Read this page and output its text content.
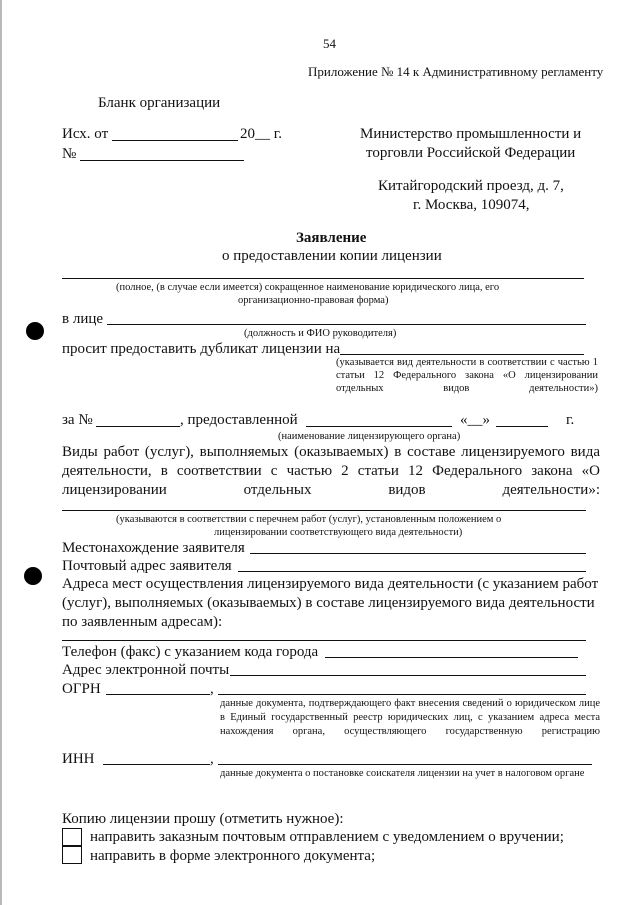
54
Приложение № 14 к Административному регламенту
Бланк организации
Исх. от	20__ г.
№
Министерство промышленности и
торговли Российской Федерации
Китайгородский проезд, д. 7,
г. Москва, 109074,
Заявление
о предоставлении копии лицензии
(полное, (в случае если имеется) сокращенное наименование юридического лица, его
организационно-правовая форма)
в лице
(должность и ФИО руководителя)
просит предоставить дубликат лицензии на
(указывается вид деятельности в соответствии с частью 1 статьи 12 Федерального закона «О лицензировании отдельных видов деятельности»)
за №	, предоставленной	«__»	г.
(наименование лицензирующего органа)
Виды работ (услуг), выполняемых (оказываемых) в составе лицензируемого вида деятельности, в соответствии с частью 2 статьи 12 Федерального закона «О лицензировании отдельных видов деятельности»:
(указываются в соответствии с перечнем работ (услуг), установленным положением о
лицензировании соответствующего вида деятельности)
Местонахождение заявителя
Почтовый адрес заявителя
Адреса мест осуществления лицензируемого вида деятельности (с указанием работ (услуг), выполняемых (оказываемых) в составе лицензируемого вида деятельности по заявленным адресам):
Телефон (факс) с указанием кода города
Адрес электронной почты
ОГРН	,
данные документа, подтверждающего факт внесения сведений о юридическом лице в Единый государственный реестр юридических лиц, с указанием адреса места нахождения органа, осуществляющего государственную регистрацию
ИНН	,
данные документа о постановке соискателя лицензии на учет в налоговом органе
Копию лицензии прошу (отметить нужное):
направить заказным почтовым отправлением с уведомлением о вручении;
направить в форме электронного документа;
